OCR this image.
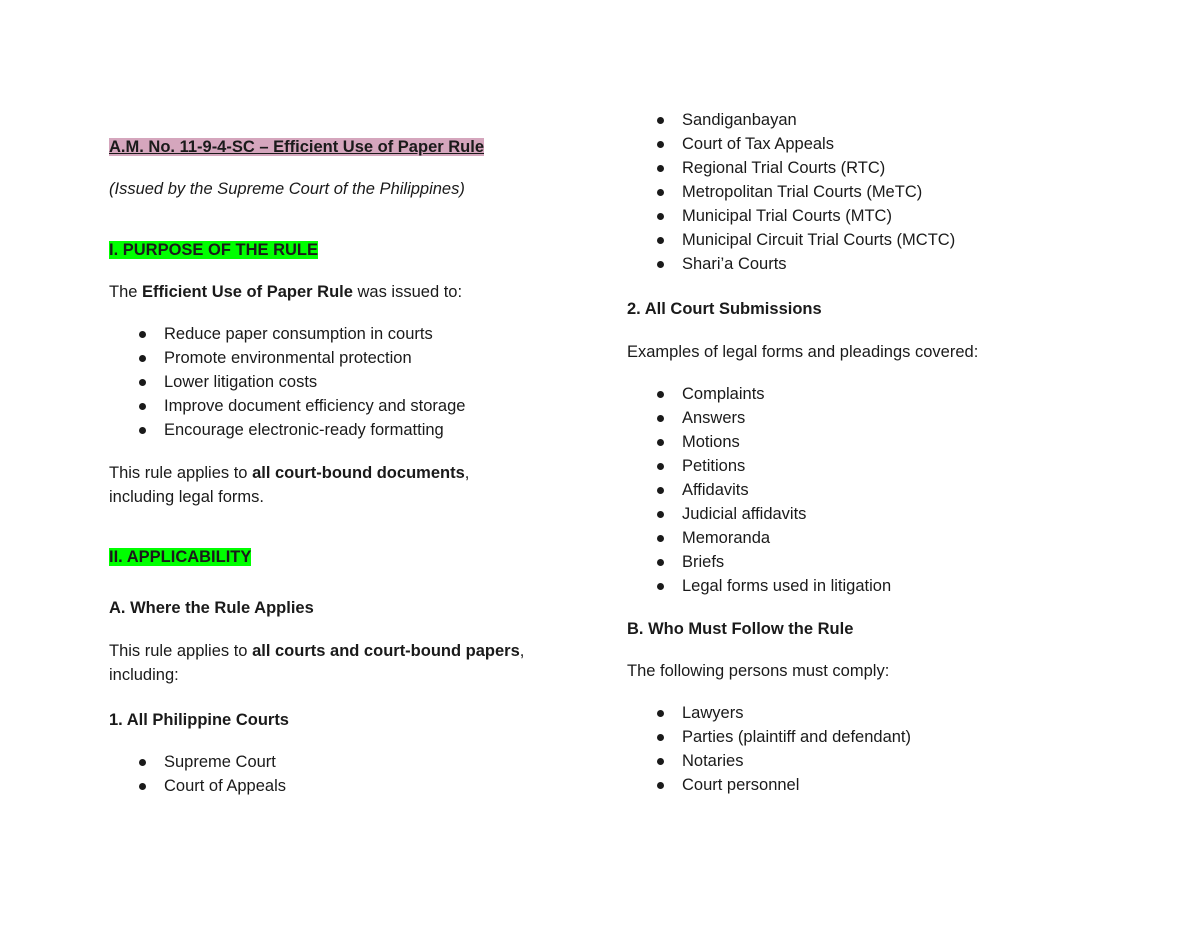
A.M. No. 11-9-4-SC – Efficient Use of Paper Rule
(Issued by the Supreme Court of the Philippines)
I. PURPOSE OF THE RULE
The Efficient Use of Paper Rule was issued to:
Reduce paper consumption in courts
Promote environmental protection
Lower litigation costs
Improve document efficiency and storage
Encourage electronic-ready formatting
This rule applies to all court-bound documents,
including legal forms.
II. APPLICABILITY
A. Where the Rule Applies
This rule applies to all courts and court-bound papers,
including:
1. All Philippine Courts
Supreme Court
Court of Appeals
Sandiganbayan
Court of Tax Appeals
Regional Trial Courts (RTC)
Metropolitan Trial Courts (MeTC)
Municipal Trial Courts (MTC)
Municipal Circuit Trial Courts (MCTC)
Shari’a Courts
2. All Court Submissions
Examples of legal forms and pleadings covered:
Complaints
Answers
Motions
Petitions
Affidavits
Judicial affidavits
Memoranda
Briefs
Legal forms used in litigation
B. Who Must Follow the Rule
The following persons must comply:
Lawyers
Parties (plaintiff and defendant)
Notaries
Court personnel
